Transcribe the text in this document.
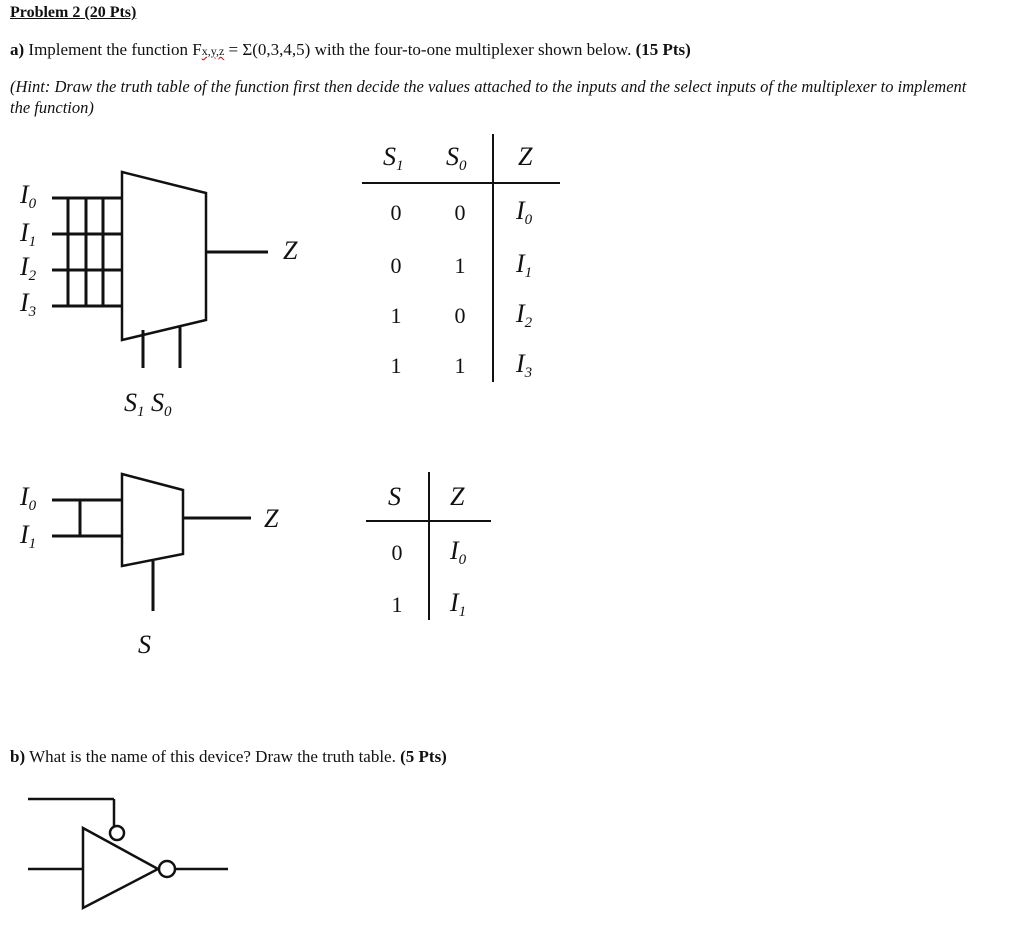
Problem 2 (20 Pts)
a) Implement the function Fx,y,z = Σ(0,3,4,5) with the four-to-one multiplexer shown below. (15 Pts)
(Hint: Draw the truth table of the function first then decide the values attached to the inputs and the select inputs of the multiplexer to implement the function)
$I_0$
$I_1$
$I_2$
$I_3$
Z
$S_1$ $S_0$
$S_1$ $S_0$ Z
0	0	$I_0$
0	1	$I_1$
1	0	$I_2$
1	1	$I_3$
$I_0$
$I_1$
Z
S
S Z
0	$I_0$
1	$I_1$
b) What is the name of this device? Draw the truth table. (5 Pts)
